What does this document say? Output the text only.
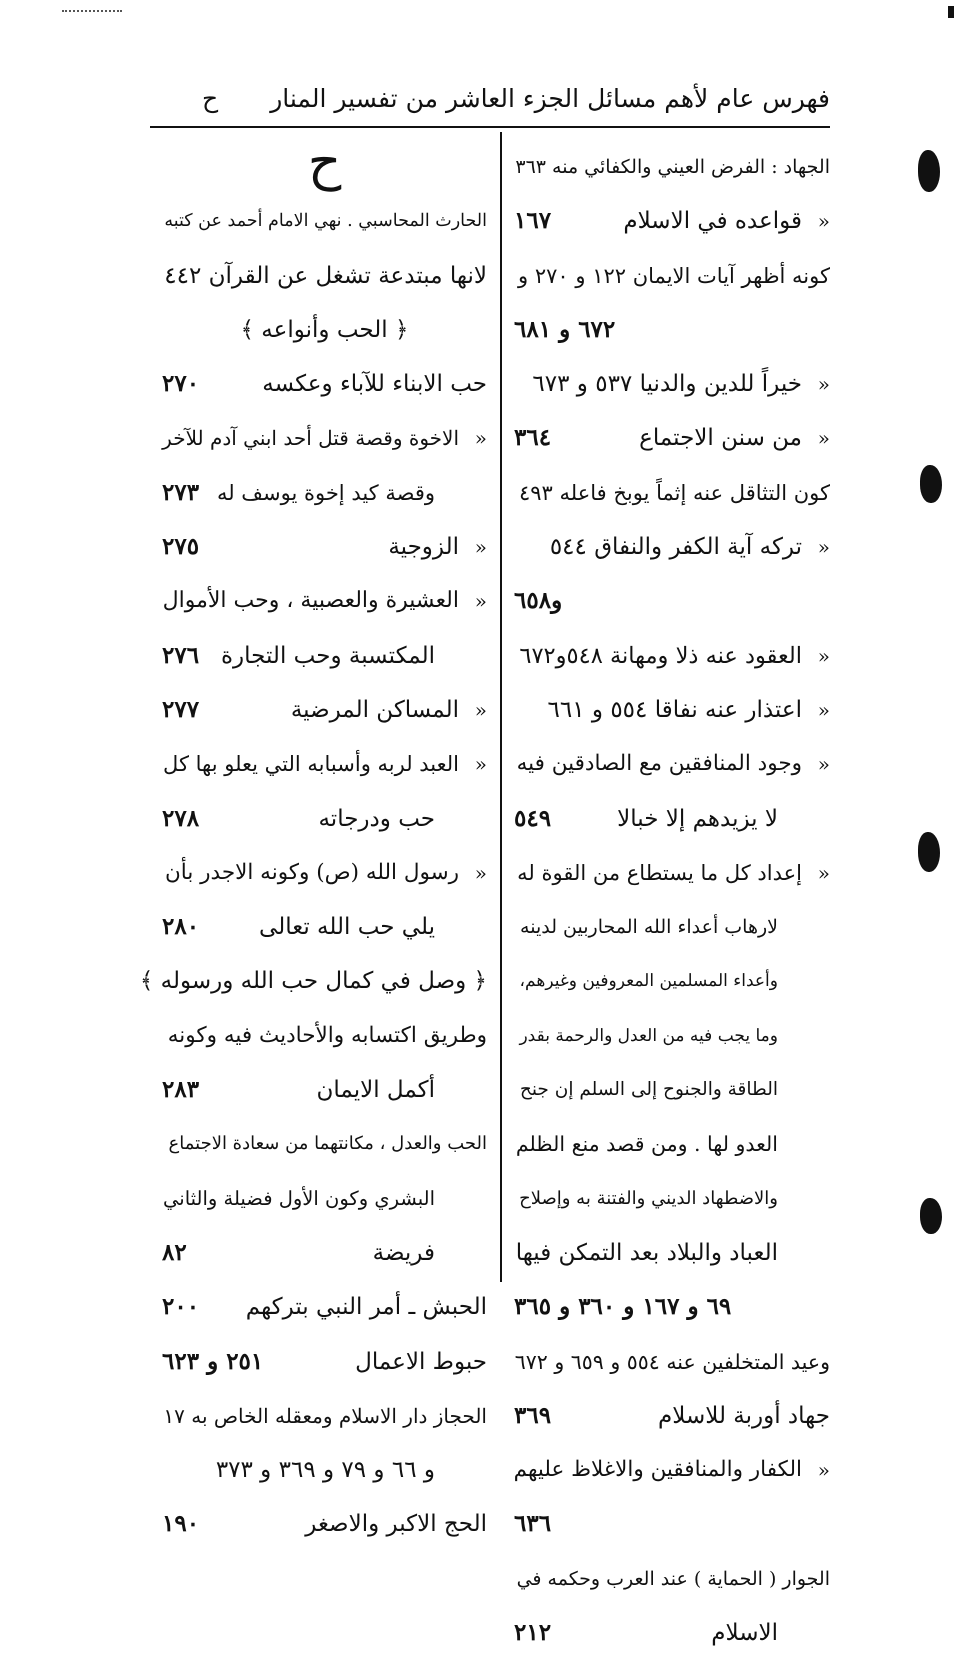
فهرس عام لأهم مسائل الجزء العاشر من تفسير المنار
ح
الجهاد : الفرض العيني والكفائي منه ٣٦٣
«
قواعده في الاسلام
١٦٧
كونه أظهر آيات الايمان ١٢٢ و ٢٧٠ و
٦٧٢ و ٦٨١
«
خيراً للدين والدنيا ٥٣٧ و ٦٧٣
«
من سنن الاجتماع
٣٦٤
كون التثاقل عنه إثماً يوبخ فاعله ٤٩٣
«
تركه آية الكفر والنفاق ٥٤٤
و٦٥٨
«
العقود عنه ذلا ومهانة ٥٤٨و٦٧٢
«
اعتذار عنه نفاقا ٥٥٤ و ٦٦١
«
وجود المنافقين مع الصادقين فيه
لا يزيدهم إلا خبالا
٥٤٩
«
إعداد كل ما يستطاع من القوة له
لارهاب أعداء الله المحاربين لدينه
وأعداء المسلمين المعروفين وغيرهم،
وما يجب فيه من العدل والرحمة بقدر
الطاقة والجنوح إلى السلم إن جنح
العدو لها . ومن قصد منع الظلم
والاضطهاد الديني والفتنة به وإصلاح
العباد والبلاد بعد التمكن فيها
٦٩ و ١٦٧ و ٣٦٠ و ٣٦٥
وعيد المتخلفين عنه ٥٥٤ و ٦٥٩ و ٦٧٢
جهاد أوربة للاسلام
٣٦٩
«
الكفار والمنافقين والاغلاظ عليهم
٦٣٦
الجوار ( الحماية ) عند العرب وحكمه في
الاسلام
٢١٢
ح
الحارث المحاسبي . نهي الامام أحمد عن كتبه
لانها مبتدعة تشغل عن القرآن ٤٤٢
﴿ الحب وأنواعه ﴾
حب الابناء للآباء وعكسه
٢٧٠
«
الاخوة وقصة قتل أحد ابني آدم للآخر
وقصة كيد إخوة يوسف له
٢٧٣
«
الزوجية
٢٧٥
«
العشيرة والعصبية ، وحب الأموال
المكتسبة وحب التجارة
٢٧٦
«
المساكن المرضية
٢٧٧
«
العبد لربه وأسبابه التي يعلو بها كل
حب ودرجاته
٢٧٨
«
رسول الله (ص) وكونه الاجدر بأن
يلي حب الله تعالى
٢٨٠
﴿ وصل في كمال حب الله ورسوله ﴾
وطريق اكتسابه والأحاديث فيه وكونه
أكمل الايمان
٢٨٣
الحب والعدل ، مكانتهما من سعادة الاجتماع
البشري وكون الأول فضيلة والثاني
فريضة
٨٢
الحبش ـ أمر النبي بتركهم
٢٠٠
حبوط الاعمال
٢٥١ و ٦٢٣
الحجاز دار الاسلام ومعقله الخاص به ١٧
و ٦٦ و ٧٩ و ٣٦٩ و ٣٧٣
الحج الاكبر والاصغر
١٩٠
